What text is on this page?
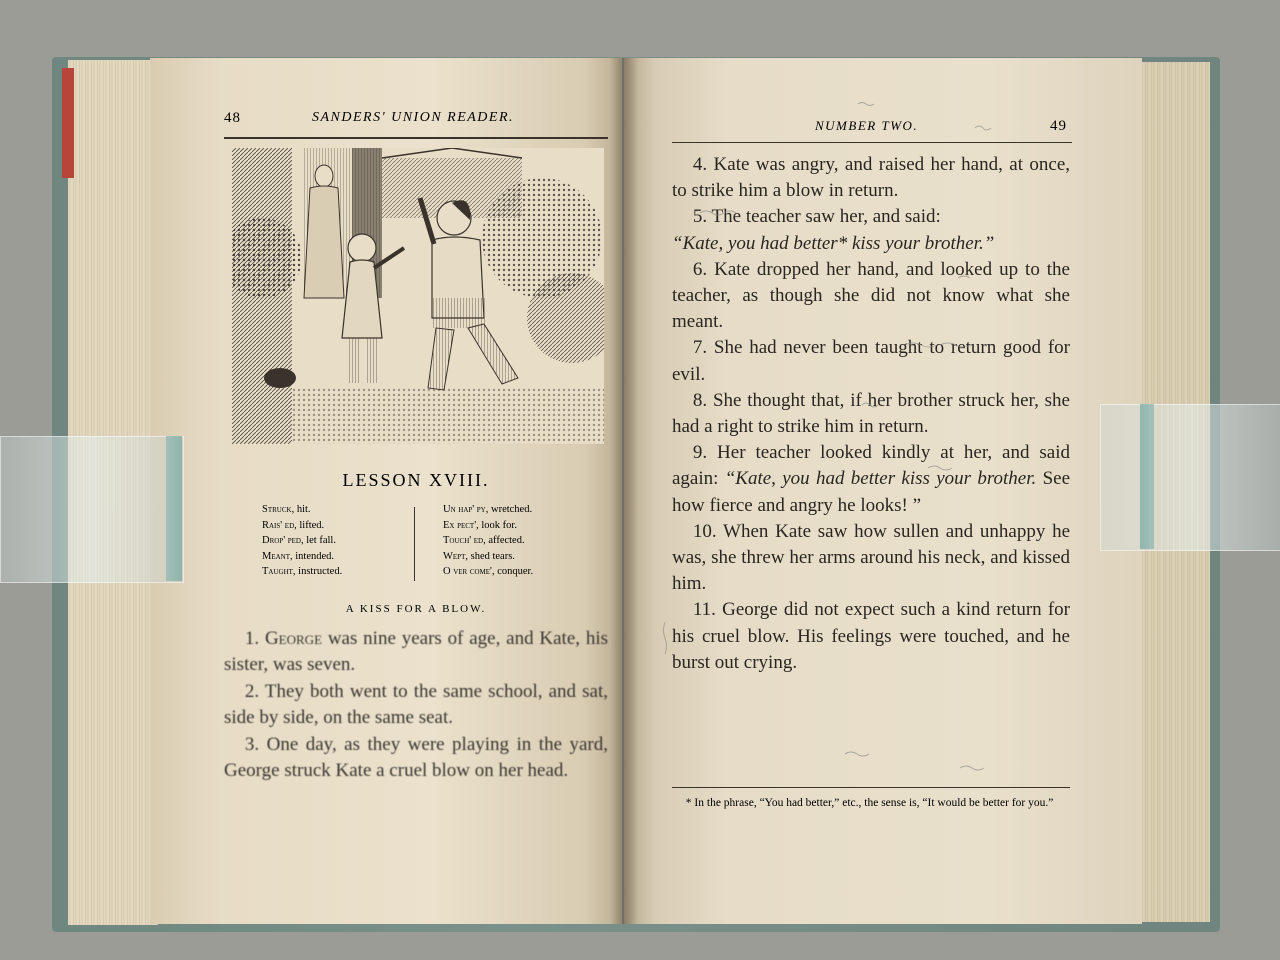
48	SANDERS' UNION READER.
LESSON XVIII.
Struck, hit.
Rais' ed, lifted.
Drop' ped, let fall.
Meant, intended.
Taught, instructed.
Un hap' py, wretched.
Ex pect', look for.
Touch' ed, affected.
Wept, shed tears.
O ver come', conquer.
A KISS FOR A BLOW.

1. George was nine years of age, and Kate, his sister, was seven.

2. They both went to the same school, and sat, side by side, on the same seat.

3. One day, as they were playing in the yard, George struck Kate a cruel blow on her head.

NUMBER TWO.	49

4. Kate was angry, and raised her hand, at once, to strike him a blow in return.

5. The teacher saw her, and said:
“Kate, you had better* kiss your brother.”

6. Kate dropped her hand, and looked up to the teacher, as though she did not know what she meant.

7. She had never been taught to return good for evil.

8. She thought that, if her brother struck her, she had a right to strike him in return.

9. Her teacher looked kindly at her, and said again: “Kate, you had better kiss your brother. See how fierce and angry he looks! ”

10. When Kate saw how sullen and unhappy he was, she threw her arms around his neck, and kissed him.

11. George did not expect such a kind return for his cruel blow. His feelings were touched, and he burst out crying.

* In the phrase, “You had better,” etc., the sense is, “It would be better for you.”
